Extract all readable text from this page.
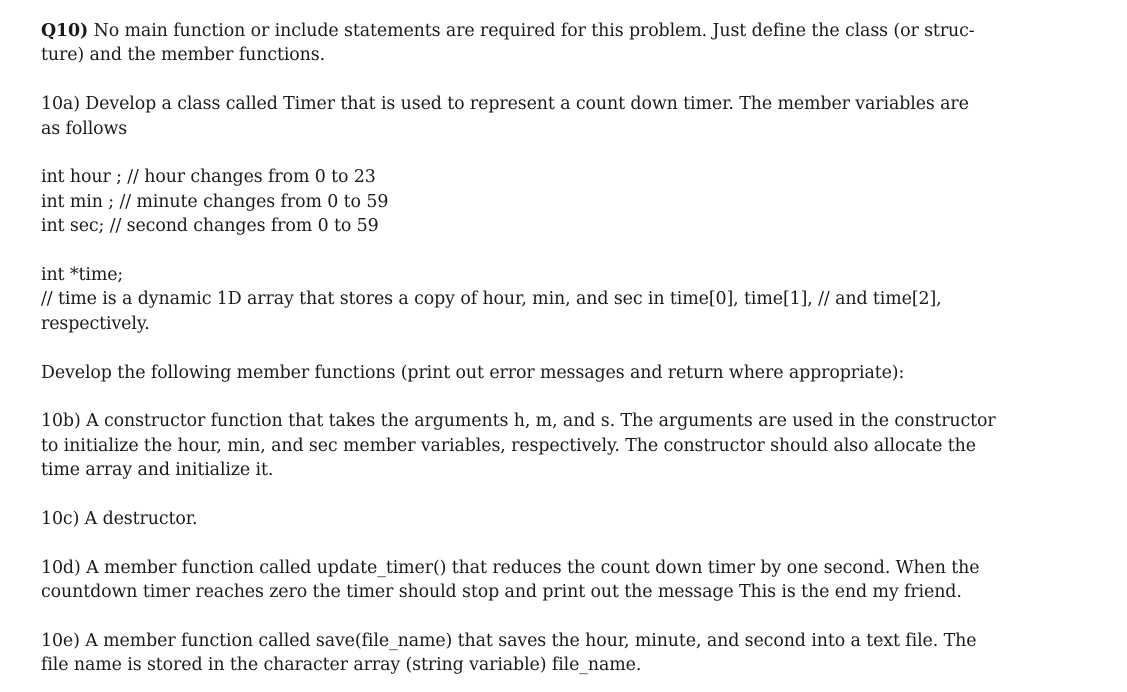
Q10) No main function or include statements are required for this problem. Just define the class (or struc-
ture) and the member functions.

10a) Develop a class called Timer that is used to represent a count down timer. The member variables are
as follows

int hour ; // hour changes from 0 to 23
int min ; // minute changes from 0 to 59
int sec; // second changes from 0 to 59

int *time;
// time is a dynamic 1D array that stores a copy of hour, min, and sec in time[0], time[1], // and time[2],
respectively.

Develop the following member functions (print out error messages and return where appropriate):

10b) A constructor function that takes the arguments h, m, and s. The arguments are used in the constructor
to initialize the hour, min, and sec member variables, respectively. The constructor should also allocate the
time array and initialize it.

10c) A destructor.

10d) A member function called update_timer() that reduces the count down timer by one second. When the
countdown timer reaches zero the timer should stop and print out the message This is the end my friend.

10e) A member function called save(file_name) that saves the hour, minute, and second into a text file. The
file name is stored in the character array (string variable) file_name.
